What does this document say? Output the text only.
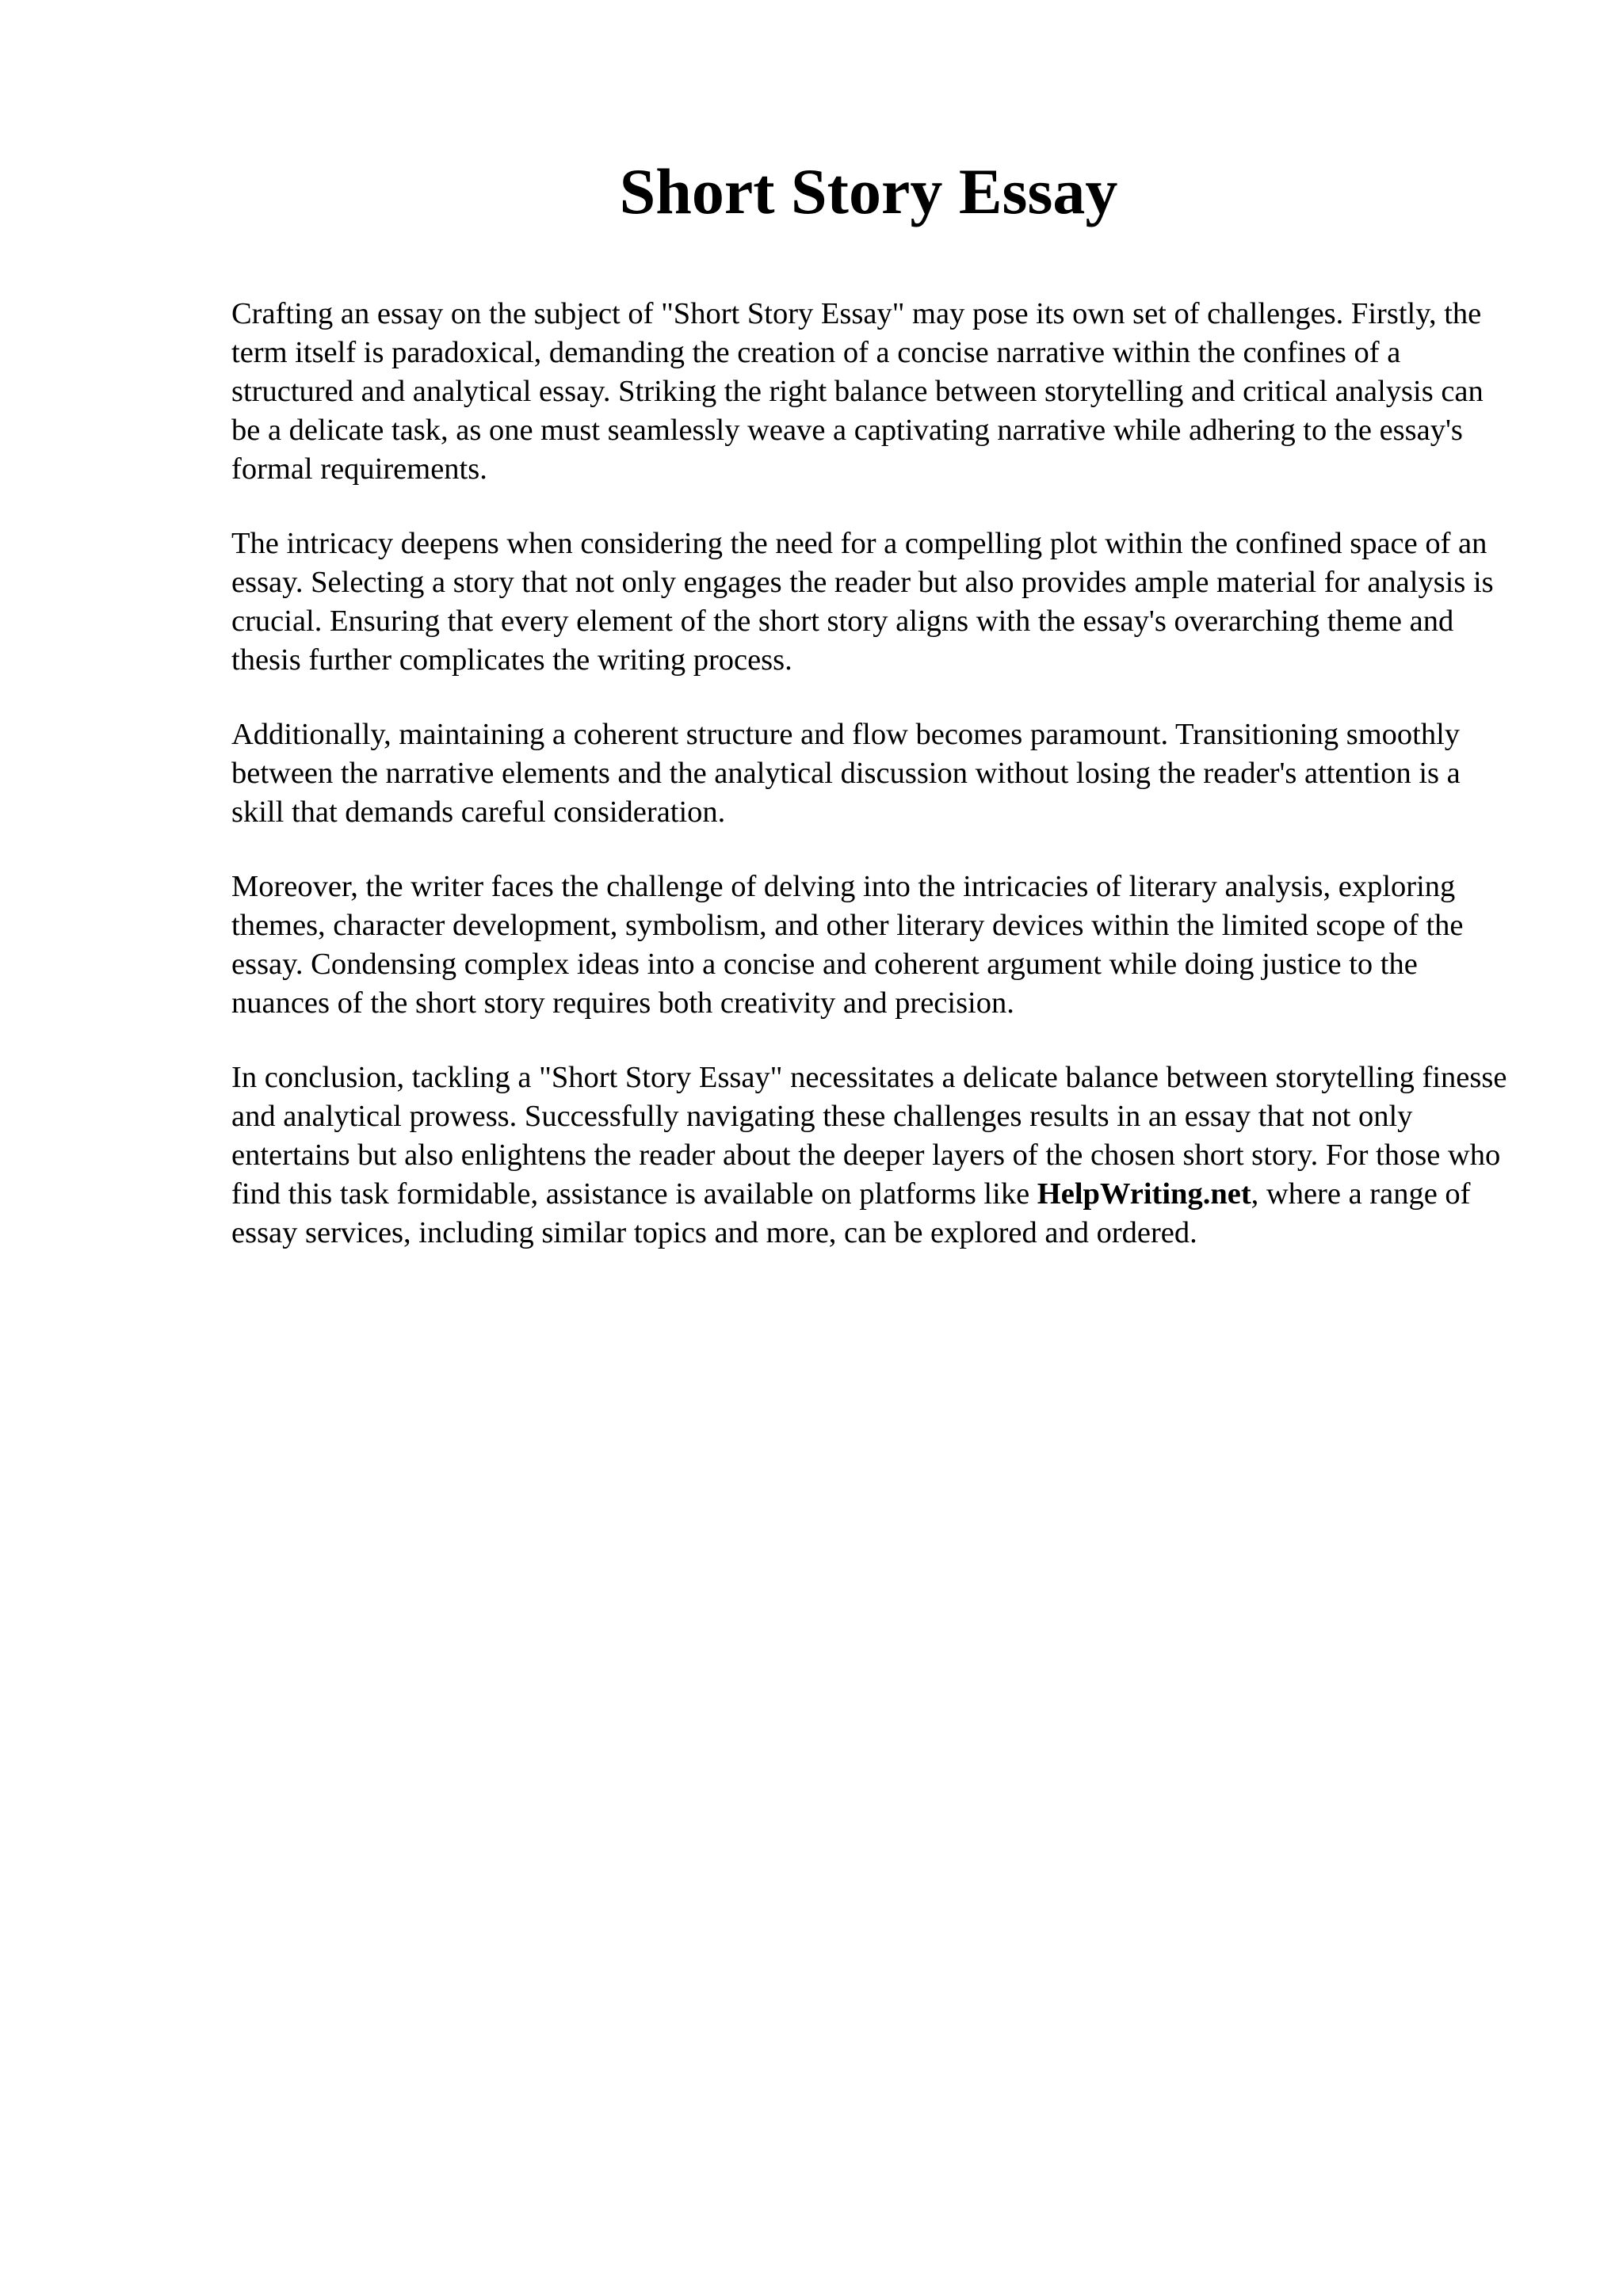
Short Story Essay

Crafting an essay on the subject of "Short Story Essay" may pose its own set of challenges. Firstly, the term itself is paradoxical, demanding the creation of a concise narrative within the confines of a structured and analytical essay. Striking the right balance between storytelling and critical analysis can be a delicate task, as one must seamlessly weave a captivating narrative while adhering to the essay's formal requirements.

The intricacy deepens when considering the need for a compelling plot within the confined space of an essay. Selecting a story that not only engages the reader but also provides ample material for analysis is crucial. Ensuring that every element of the short story aligns with the essay's overarching theme and thesis further complicates the writing process.

Additionally, maintaining a coherent structure and flow becomes paramount. Transitioning smoothly between the narrative elements and the analytical discussion without losing the reader's attention is a skill that demands careful consideration.

Moreover, the writer faces the challenge of delving into the intricacies of literary analysis, exploring themes, character development, symbolism, and other literary devices within the limited scope of the essay. Condensing complex ideas into a concise and coherent argument while doing justice to the nuances of the short story requires both creativity and precision.

In conclusion, tackling a "Short Story Essay" necessitates a delicate balance between storytelling finesse and analytical prowess. Successfully navigating these challenges results in an essay that not only entertains but also enlightens the reader about the deeper layers of the chosen short story. For those who find this task formidable, assistance is available on platforms like HelpWriting.net, where a range of essay services, including similar topics and more, can be explored and ordered.
